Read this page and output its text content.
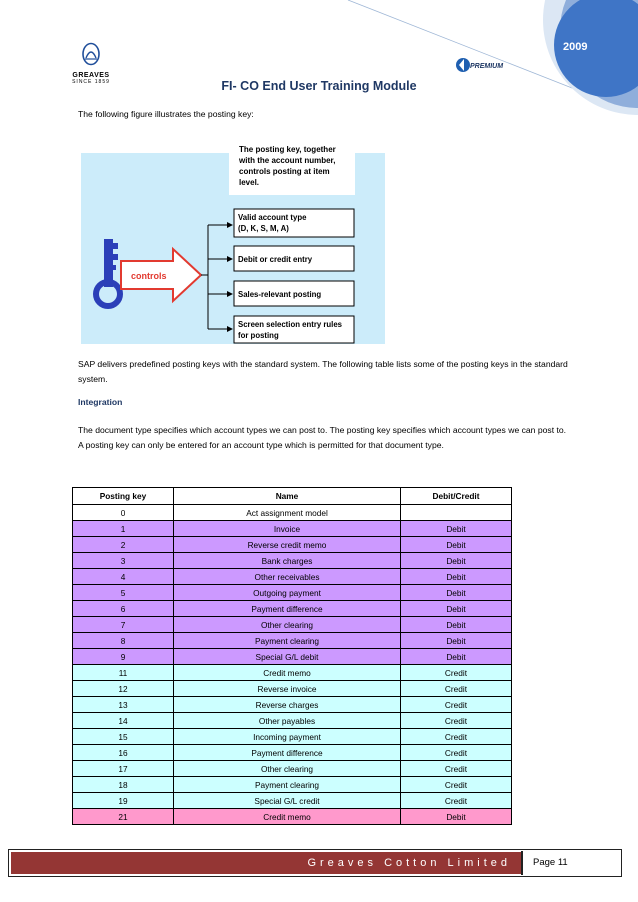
2009
GREAVES
SINCE 1859
PREMIUM
FI- CO End User Training Module
The following figure illustrates the posting key:
The posting key, together
with the account number,
controls posting at item
level.
controls
Valid account type
(D, K, S, M, A)
Debit or credit entry
Sales-relevant posting
Screen selection entry rules
for posting
SAP delivers predefined posting keys with the standard system. The following table lists some of the posting keys in the standard system.
Integration
The document type specifies which account types we can post to. The posting key specifies which account types we can post to. A posting key can only be entered for an account type which is permitted for that document type.
Posting key	Name	Debit/Credit
0	Act assignment model	
1	Invoice	Debit
2	Reverse credit memo	Debit
3	Bank charges	Debit
4	Other receivables	Debit
5	Outgoing payment	Debit
6	Payment difference	Debit
7	Other clearing	Debit
8	Payment clearing	Debit
9	Special G/L debit	Debit
11	Credit memo	Credit
12	Reverse invoice	Credit
13	Reverse charges	Credit
14	Other payables	Credit
15	Incoming payment	Credit
16	Payment difference	Credit
17	Other clearing	Credit
18	Payment clearing	Credit
19	Special G/L credit	Credit
21	Credit memo	Debit
Greaves Cotton Limited	Page 11
